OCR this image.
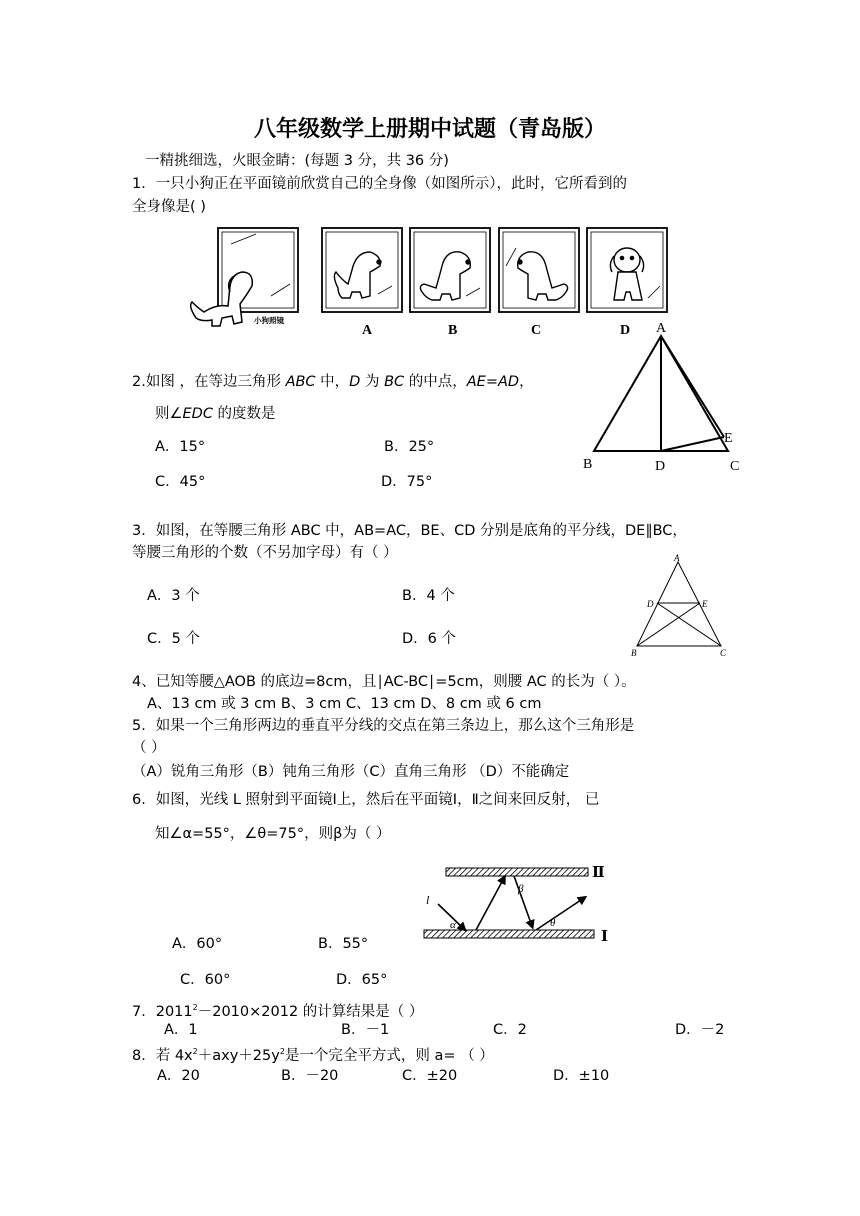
八年级数学上册期中试题（青岛版）
一精挑细选，火眼金睛：(每题 3 分，共 36 分)
1．一只小狗正在平面镜前欣赏自己的全身像（如图所示），此时，它所看到的
全身像是( )
小狗照镜
A	B	C	D
2.如图 ，在等边三角形 ABC 中，D 为 BC 的中点，AE=AD，
则∠EDC 的度数是
A．15°	B．25°
C．45°	D．75°
A
B	D	C
E
3．如图，在等腰三角形 ABC 中，AB=AC，BE、CD 分别是底角的平分线，DE∥BC，
等腰三角形的个数（不另加字母）有（ ）
A．3 个	B．4 个
C．5 个	D．6 个
A
D	E
B	C
4、已知等腰△AOB 的底边=8cm，且∣AC-BC∣=5cm，则腰 AC 的长为（ ）。
A、13 cm 或 3 cm B、3 cm C、13 cm D、8 cm 或 6 cm
5．如果一个三角形两边的垂直平分线的交点在第三条边上，那么这个三角形是
（ ）
（A）锐角三角形（B）钝角三角形（C）直角三角形 （D）不能确定
6．如图，光线 L 照射到平面镜Ⅰ上，然后在平面镜Ⅰ，Ⅱ之间来回反射， 已
知∠α=55°，∠θ=75°，则β为（ ）
A．60°	B．55°
C．60°	D．65°
Ⅱ
Ⅰ
l
α
β
θ
7．$2011^2-2010\times 2012$ 的计算结果是（ ）
A．1	B．－1	C．2	D．－2
8．若 $4x^2+axy+25y^2$是一个完全平方式，则 a= （ ）
A．20	B．－20	C．±20	D．±10
